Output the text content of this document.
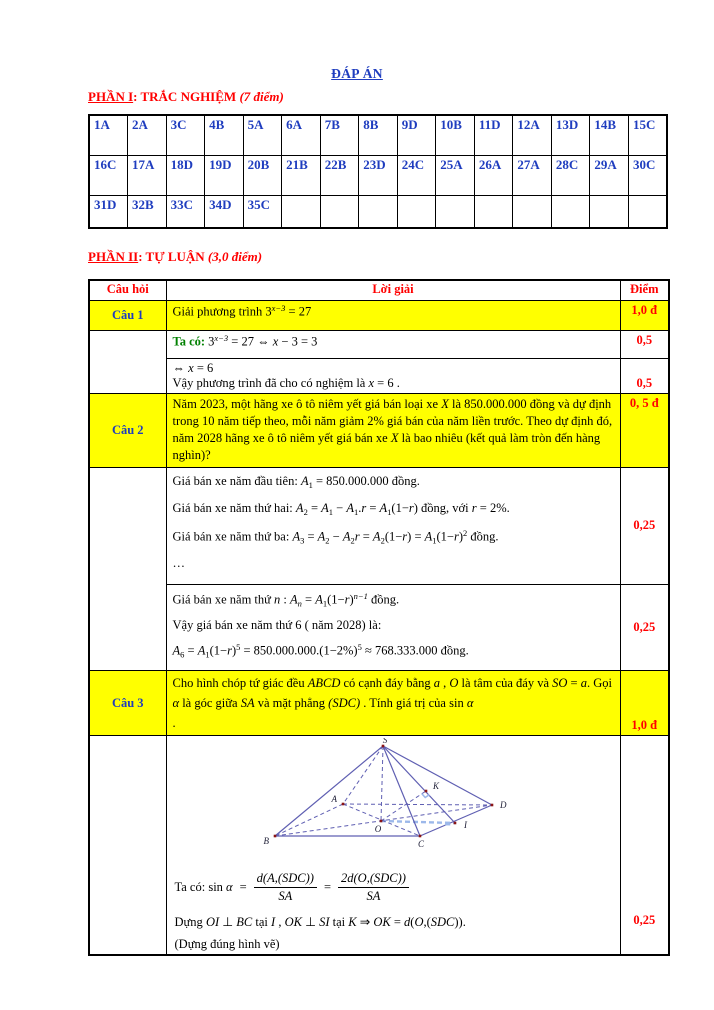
ĐÁP ÁN
PHẦN I: TRẮC NGHIỆM (7 điểm)
1A	2A	3C	4B	5A	6A	7B	8B	9D	10B	11D	12A	13D	14B	15C
16C	17A	18D	19D	20B	21B	22B	23D	24C	25A	26A	27A	28C	29A	30C
31D	32B	33C	34D	35C										
PHẦN II: TỰ LUẬN (3,0 điểm)
Câu hỏi	Lời giải	Điểm
Câu 1	Giải phương trình $3^{x-3} = 27$	1,0 đ
	Ta có: $3^{x-3} = 27$ ⇔ x − 3 = 3	0,5

	⇔ x = 6
Vậy phương trình đã cho có nghiệm là x = 6 .	0,5
Câu 2	Năm 2023, một hãng xe ô tô niêm yết giá bán loại xe X là 850.000.000 đồng và dự định trong 10 năm tiếp theo, mỗi năm giảm 2% giá bán của năm liền trước. Theo dự định đó, năm 2028 hãng xe ô tô niêm yết giá bán xe X là bao nhiêu (kết quả làm tròn đến hàng nghìn)?	0, 5 đ

	Giá bán xe năm đầu tiên: $A_1 = 850.000.000$ đồng.
Giá bán xe năm thứ hai: $A_2 = A_1 - A_1.r = A_1(1-r)$ đồng, với r = 2%.
Giá bán xe năm thứ ba: $A_3 = A_2 - A_2r = A_2(1-r) = A_1(1-r)^2$ đồng.
…	0,25

	Giá bán xe năm thứ n : $A_n = A_1(1-r)^{n-1}$ đồng.
Vậy giá bán xe năm thứ 6 ( năm 2028) là:
$A_6 = A_1(1-r)^5 = 850.000.000.(1-2\%)^5 \approx 768.333.000$ đồng.	0,25
Câu 3	Cho hình chóp tứ giác đều ABCD có cạnh đáy bằng a , O là tâm của đáy và SO = a. Gọi α là góc giữa SA và mặt phẳng (SDC) . Tính giá trị của sin α
.	1,0 đ

S
A
B	C
D
O	I
K
Ta có: $\sin \alpha = \frac{\text{d(A,(SDC))}}{SA} = \frac{\text{2d(O,(SDC))}}{SA}$
Dựng OI ⊥ BC tại I , OK ⊥ SI tại K ⇒ OK = d(O,(SDC)).
(Dựng đúng hình vẽ)
	0,25
